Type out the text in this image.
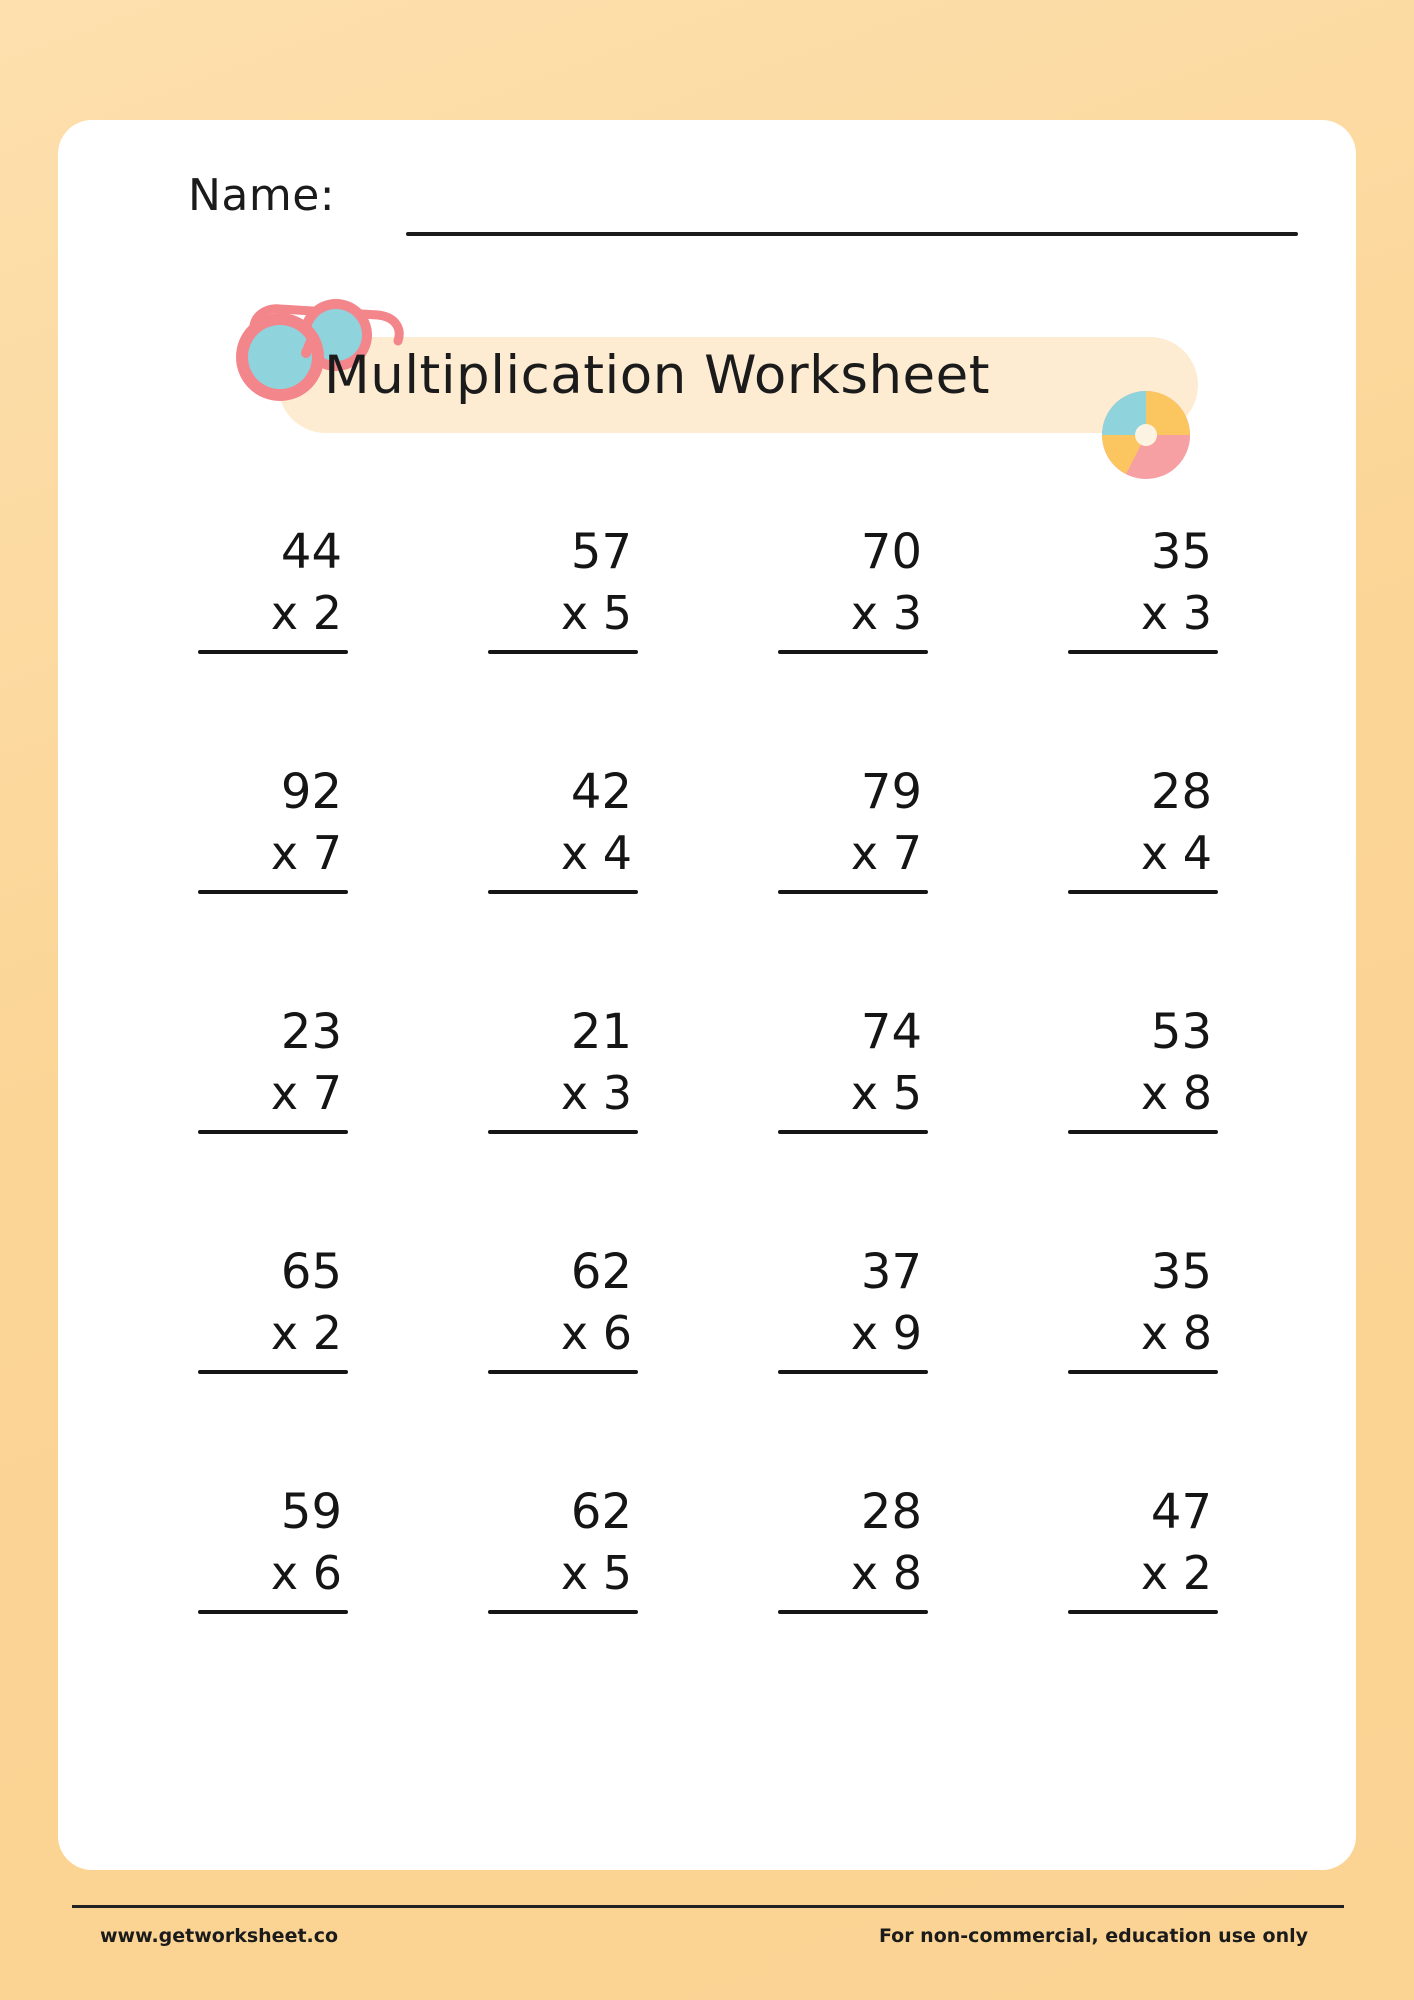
Name:
Multiplication Worksheet
44
x 2
57
x 5
70
x 3
35
x 3
92
x 7
42
x 4
79
x 7
28
x 4
23
x 7
21
x 3
74
x 5
53
x 8
65
x 2
62
x 6
37
x 9
35
x 8
59
x 6
62
x 5
28
x 8
47
x 2
www.getworksheet.co	For non-commercial, education use only
